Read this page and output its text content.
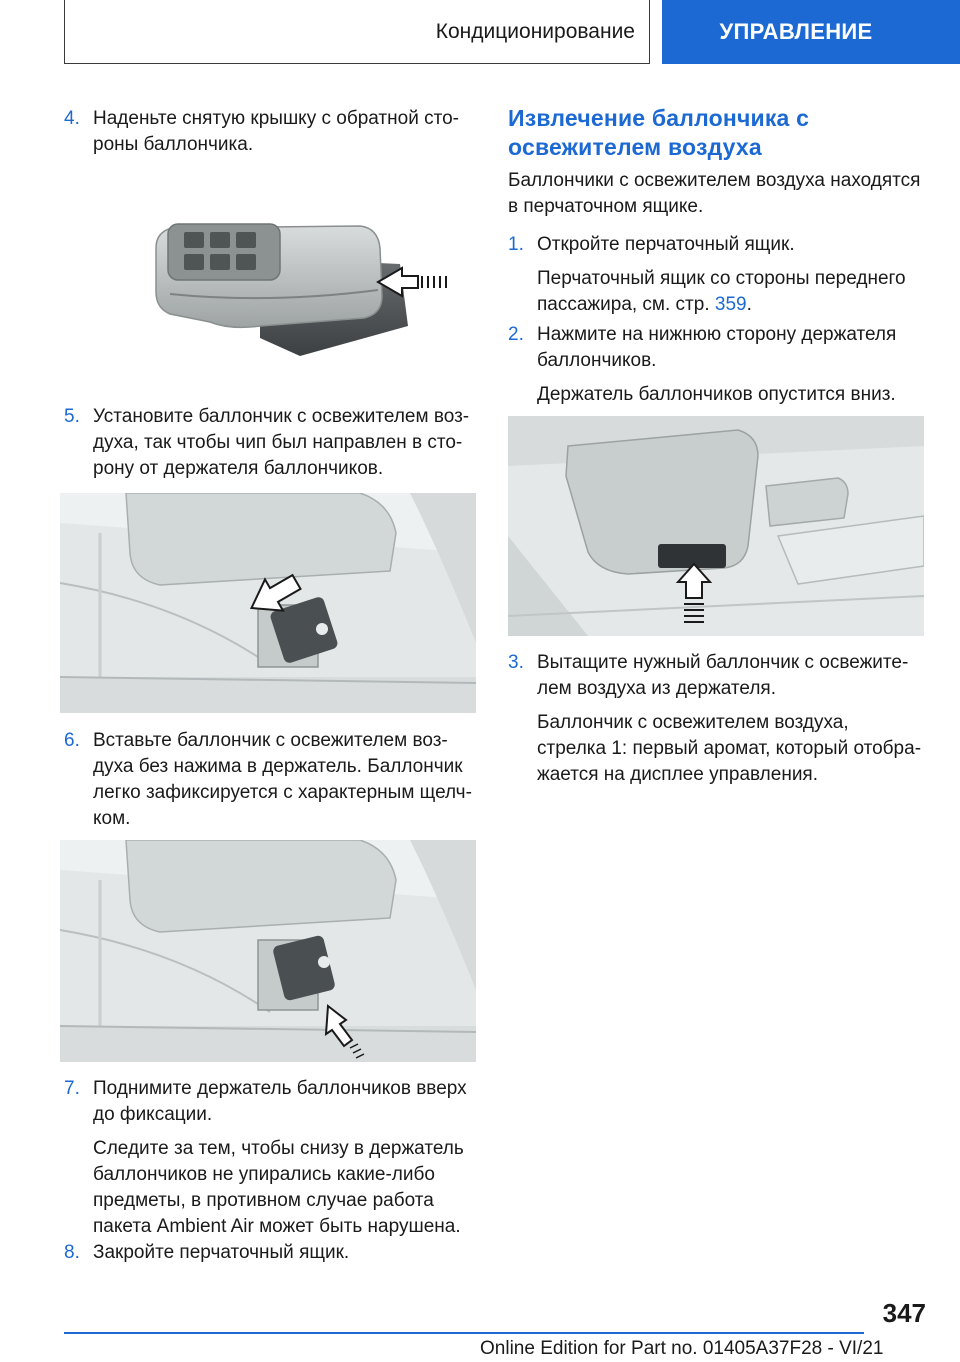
Кондиционирование	УПРАВЛЕНИЕ
4. Наденьте снятую крышку с обратной сто-
роны баллончика.
5. Установите баллончик с освежителем воз-
духа, так чтобы чип был направлен в сто-
рону от держателя баллончиков.
6. Вставьте баллончик с освежителем воз-
духа без нажима в держатель. Баллончик
легко зафиксируется с характерным щелч-
ком.
7. Поднимите держатель баллончиков вверх
до фиксации.
Следите за тем, чтобы снизу в держатель
баллончиков не упирались какие-либо
предметы, в противном случае работа
пакета Ambient Air может быть нарушена.
8. Закройте перчаточный ящик.
Извлечение баллончика с
освежителем воздуха
Баллончики с освежителем воздуха находятся
в перчаточном ящике.
1. Откройте перчаточный ящик.
Перчаточный ящик со стороны переднего
пассажира, см. стр. 359.
2. Нажмите на нижнюю сторону держателя
баллончиков.
Держатель баллончиков опустится вниз.
3. Вытащите нужный баллончик с освежите-
лем воздуха из держателя.
Баллончик с освежителем воздуха,
стрелка 1: первый аромат, который отобра-
жается на дисплее управления.
347
Online Edition for Part no. 01405A37F28 - VI/21
